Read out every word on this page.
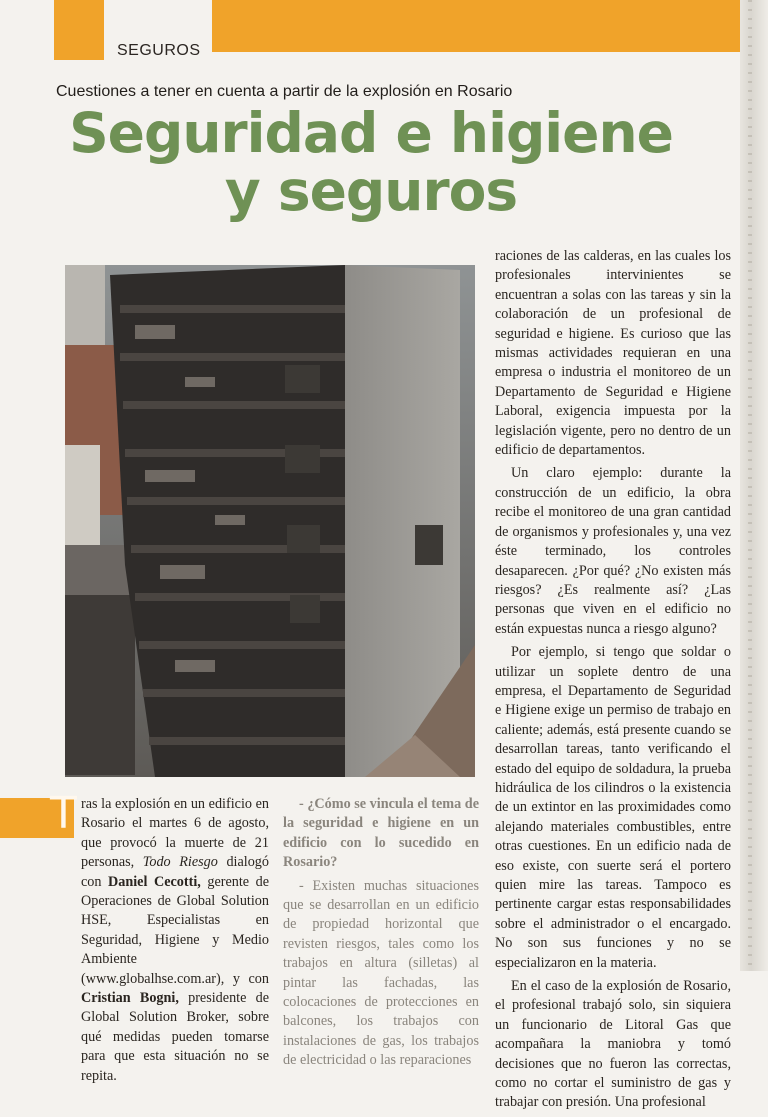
SEGUROS
Cuestiones a tener en cuenta a partir de la explosión en Rosario
Seguridad e higiene
y seguros

raciones de las calderas, en las cuales los profesionales intervinientes se encuentran a solas con las tareas y sin la colaboración de un profesional de seguridad e higiene. Es curioso que las mismas actividades requieran en una empresa o industria el monitoreo de un Departamento de Seguridad e Higiene Laboral, exigencia impuesta por la legislación vigente, pero no dentro de un edificio de departamentos.

Un claro ejemplo: durante la construcción de un edificio, la obra recibe el monitoreo de una gran cantidad de organismos y profesionales y, una vez éste terminado, los controles desaparecen. ¿Por qué? ¿No existen más riesgos? ¿Es realmente así? ¿Las personas que viven en el edificio no están expuestas nunca a riesgo alguno?

Por ejemplo, si tengo que soldar o utilizar un soplete dentro de una empresa, el Departamento de Seguridad e Higiene exige un permiso de trabajo en caliente; además, está presente cuando se desarrollan tareas, tanto verificando el estado del equipo de soldadura, la prueba hidráulica de los cilindros o la existencia de un extintor en las proximidades como alejando materiales combustibles, entre otras cuestiones. En un edificio nada de eso existe, con suerte será el portero quien mire las tareas. Tampoco es pertinente cargar estas responsabilidades sobre el administrador o el encargado. No son sus funciones y no se especializaron en la materia.

En el caso de la explosión de Rosario, el profesional trabajó solo, sin siquiera un funcionario de Litoral Gas que acompañara la maniobra y tomó decisiones que no fueron las correctas, como no cortar el suministro de gas y trabajar con presión. Una profesional

T ras la explosión en un edificio en Rosario el martes 6 de agosto, que provocó la muerte de 21 personas, Todo Riesgo dialogó con Daniel Cecotti, gerente de Operaciones de Global Solution HSE, Especialistas en Seguridad, Higiene y Medio Ambiente (www.globalhse.com.ar), y con Cristian Bogni, presidente de Global Solution Broker, sobre qué medidas pueden tomarse para que esta situación no se repita.

- ¿Cómo se vincula el tema de la seguridad e higiene en un edificio con lo sucedido en Rosario?

- Existen muchas situaciones que se desarrollan en un edificio de propiedad horizontal que revisten riesgos, tales como los trabajos en altura (silletas) al pintar las fachadas, las colocaciones de protecciones en balcones, los trabajos con instalaciones de gas, los trabajos de electricidad o las reparaciones
